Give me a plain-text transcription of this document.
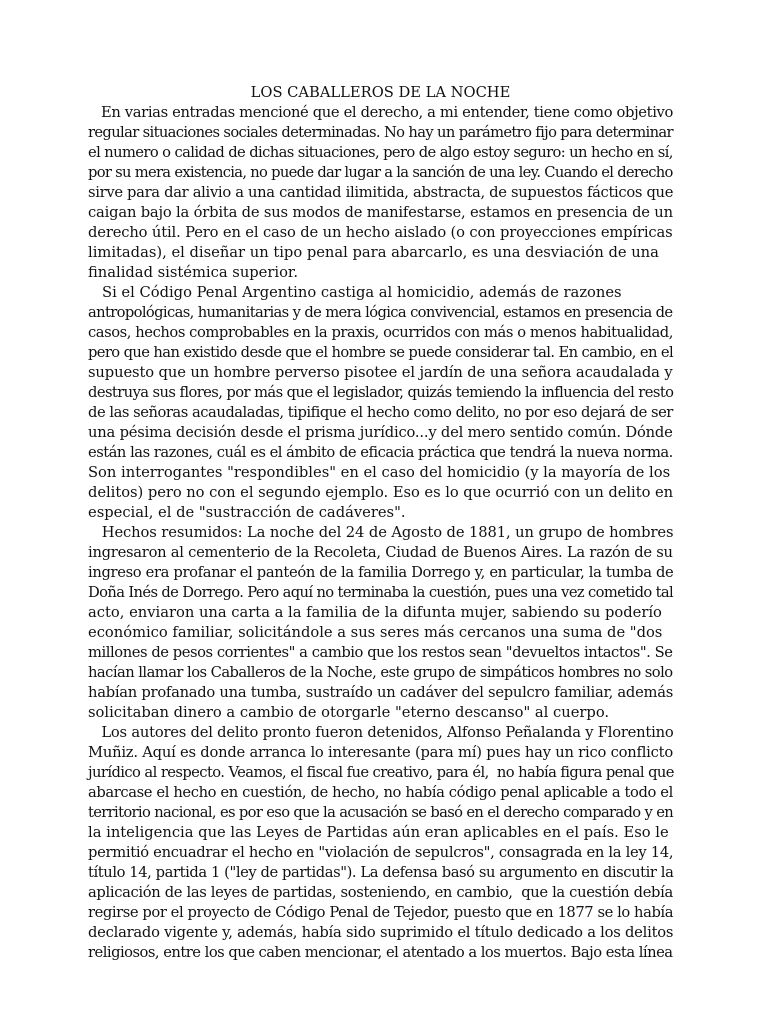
LOS CABALLEROS DE LA NOCHE
En varias entradas mencioné que el derecho, a mi entender, tiene como objetivo
regular situaciones sociales determinadas. No hay un parámetro fijo para determinar
el numero o calidad de dichas situaciones, pero de algo estoy seguro: un hecho en sí,
por su mera existencia, no puede dar lugar a la sanción de una ley. Cuando el derecho
sirve para dar alivio a una cantidad ilimitida, abstracta, de supuestos fácticos que
caigan bajo la órbita de sus modos de manifestarse, estamos en presencia de un
derecho útil. Pero en el caso de un hecho aislado (o con proyecciones empíricas
limitadas), el diseñar un tipo penal para abarcarlo, es una desviación de una
finalidad sistémica superior.
Si el Código Penal Argentino castiga al homicidio, además de razones
antropológicas, humanitarias y de mera lógica convivencial, estamos en presencia de
casos, hechos comprobables en la praxis, ocurridos con más o menos habitualidad,
pero que han existido desde que el hombre se puede considerar tal. En cambio, en el
supuesto que un hombre perverso pisotee el jardín de una señora acaudalada y
destruya sus flores, por más que el legislador, quizás temiendo la influencia del resto
de las señoras acaudaladas, tipifique el hecho como delito, no por eso dejará de ser
una pésima decisión desde el prisma jurídico...y del mero sentido común. Dónde
están las razones, cuál es el ámbito de eficacia práctica que tendrá la nueva norma.
Son interrogantes "respondibles" en el caso del homicidio (y la mayoría de los
delitos) pero no con el segundo ejemplo. Eso es lo que ocurrió con un delito en
especial, el de "sustracción de cadáveres".
Hechos resumidos: La noche del 24 de Agosto de 1881, un grupo de hombres
ingresaron al cementerio de la Recoleta, Ciudad de Buenos Aires. La razón de su
ingreso era profanar el panteón de la familia Dorrego y, en particular, la tumba de
Doña Inés de Dorrego. Pero aquí no terminaba la cuestión, pues una vez cometido tal
acto, enviaron una carta a la familia de la difunta mujer, sabiendo su poderío
económico familiar, solicitándole a sus seres más cercanos una suma de "dos
millones de pesos corrientes" a cambio que los restos sean "devueltos intactos". Se
hacían llamar los Caballeros de la Noche, este grupo de simpáticos hombres no solo
habían profanado una tumba, sustraído un cadáver del sepulcro familiar, además
solicitaban dinero a cambio de otorgarle "eterno descanso" al cuerpo.
Los autores del delito pronto fueron detenidos, Alfonso Peñalanda y Florentino
Muñiz. Aquí es donde arranca lo interesante (para mí) pues hay un rico conflicto
jurídico al respecto. Veamos, el fiscal fue creativo, para él,  no había figura penal que
abarcase el hecho en cuestión, de hecho, no había código penal aplicable a todo el
territorio nacional, es por eso que la acusación se basó en el derecho comparado y en
la inteligencia que las Leyes de Partidas aún eran aplicables en el país. Eso le
permitió encuadrar el hecho en "violación de sepulcros", consagrada en la ley 14,
título 14, partida 1 ("ley de partidas"). La defensa basó su argumento en discutir la
aplicación de las leyes de partidas, sosteniendo, en cambio,  que la cuestión debía
regirse por el proyecto de Código Penal de Tejedor, puesto que en 1877 se lo había
declarado vigente y, además, había sido suprimido el título dedicado a los delitos
religiosos, entre los que caben mencionar, el atentado a los muertos. Bajo esta línea
